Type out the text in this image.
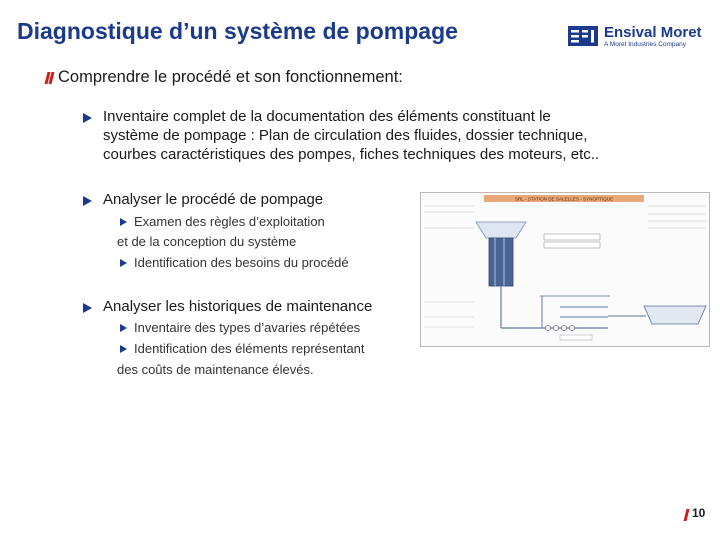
Diagnostique d’un système de pompage	Ensival Moret
A Moret Industries Company
Comprendre le procédé et son fonctionnement:
Inventaire complet de la documentation des éléments constituant le
système de pompage : Plan de circulation des fluides, dossier technique,
courbes caractéristiques des pompes, fiches techniques des moteurs, etc..
Analyser le procédé de pompage
Examen des règles d’exploitation
et de la conception du système
Identification des besoins du procédé
Analyser les historiques de maintenance
Inventaire des types d’avaries répétées
Identification des éléments représentant
des coûts de maintenance élevés.
SRL - STATION DE SALELLES - SYNOPTIQUE
10
